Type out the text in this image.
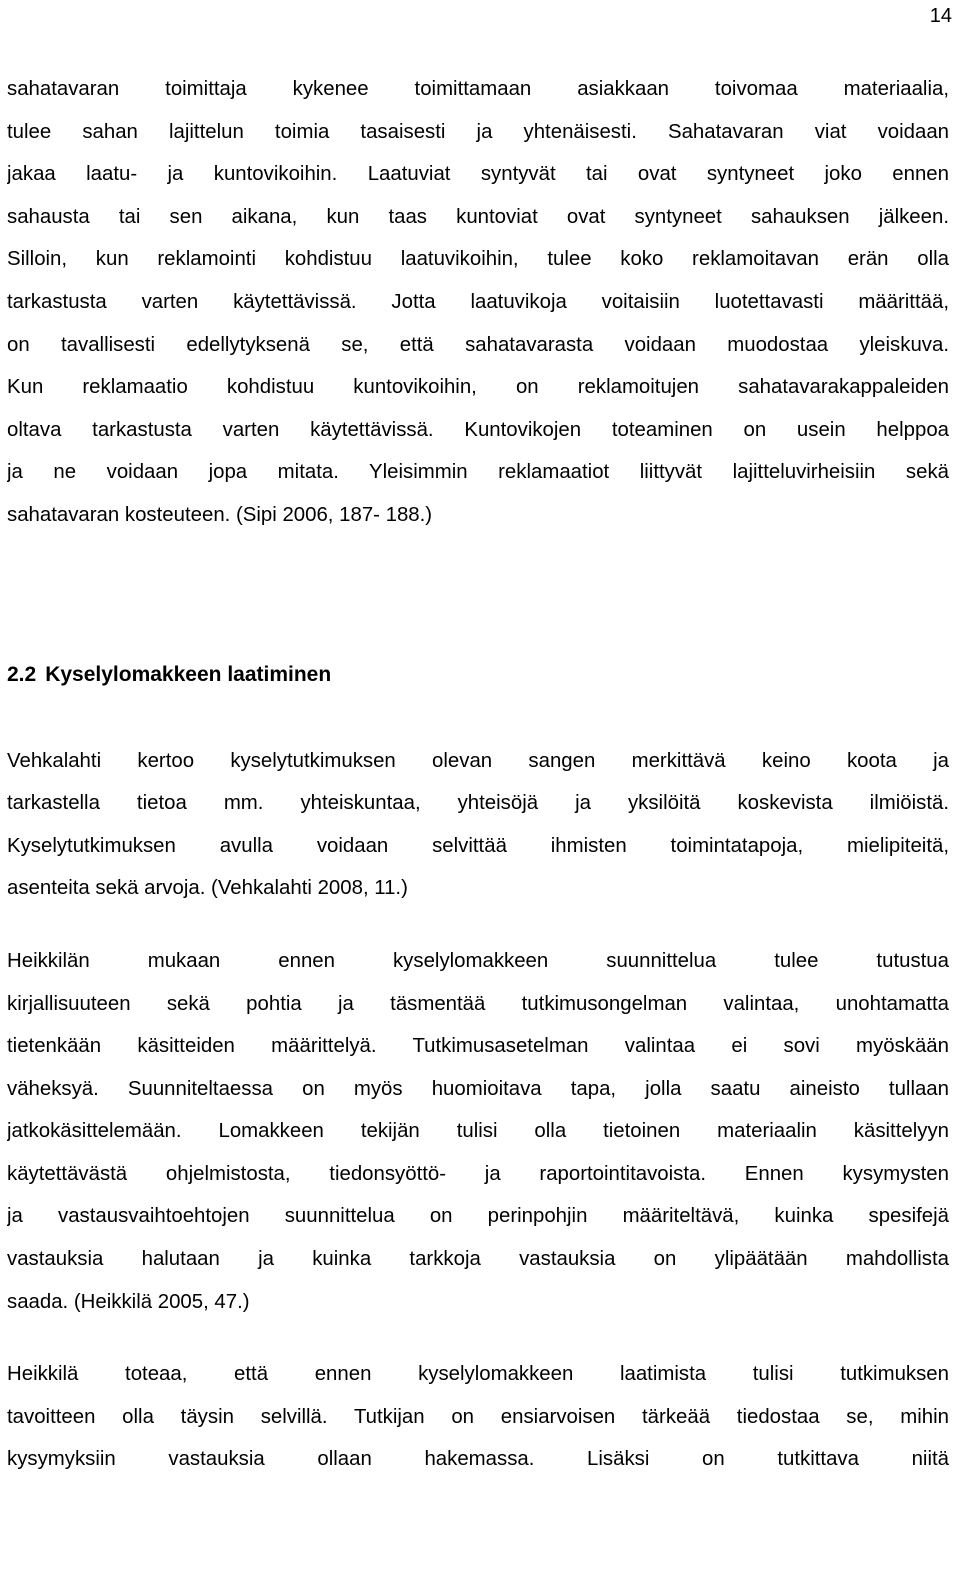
14
sahatavaran toimittaja kykenee toimittamaan asiakkaan toivomaa materiaalia,
tulee sahan lajittelun toimia tasaisesti ja yhtenäisesti. Sahatavaran viat voidaan
jakaa laatu- ja kuntovikoihin. Laatuviat syntyvät tai ovat syntyneet joko ennen
sahausta tai sen aikana, kun taas kuntoviat ovat syntyneet sahauksen jälkeen.
Silloin, kun reklamointi kohdistuu laatuvikoihin, tulee koko reklamoitavan erän olla
tarkastusta varten käytettävissä. Jotta laatuvikoja voitaisiin luotettavasti määrittää,
on tavallisesti edellytyksenä se, että sahatavarasta voidaan muodostaa yleiskuva.
Kun reklamaatio kohdistuu kuntovikoihin, on reklamoitujen sahatavarakappaleiden
oltava tarkastusta varten käytettävissä. Kuntovikojen toteaminen on usein helppoa
ja ne voidaan jopa mitata. Yleisimmin reklamaatiot liittyvät lajitteluvirheisiin sekä
sahatavaran kosteuteen. (Sipi 2006, 187- 188.)
2.2 Kyselylomakkeen laatiminen
Vehkalahti kertoo kyselytutkimuksen olevan sangen merkittävä keino koota ja
tarkastella tietoa mm. yhteiskuntaa, yhteisöjä ja yksilöitä koskevista ilmiöistä.
Kyselytutkimuksen avulla voidaan selvittää ihmisten toimintatapoja, mielipiteitä,
asenteita sekä arvoja. (Vehkalahti 2008, 11.)
Heikkilän mukaan ennen kyselylomakkeen suunnittelua tulee tutustua
kirjallisuuteen sekä pohtia ja täsmentää tutkimusongelman valintaa, unohtamatta
tietenkään käsitteiden määrittelyä. Tutkimusasetelman valintaa ei sovi myöskään
väheksyä. Suunniteltaessa on myös huomioitava tapa, jolla saatu aineisto tullaan
jatkokäsittelemään. Lomakkeen tekijän tulisi olla tietoinen materiaalin käsittelyyn
käytettävästä ohjelmistosta, tiedonsyöttö- ja raportointitavoista. Ennen kysymysten
ja vastausvaihtoehtojen suunnittelua on perinpohjin määriteltävä, kuinka spesifejä
vastauksia halutaan ja kuinka tarkkoja vastauksia on ylipäätään mahdollista
saada. (Heikkilä 2005, 47.)
Heikkilä toteaa, että ennen kyselylomakkeen laatimista tulisi tutkimuksen
tavoitteen olla täysin selvillä. Tutkijan on ensiarvoisen tärkeää tiedostaa se, mihin
kysymyksiin vastauksia ollaan hakemassa. Lisäksi on tutkittava niitä
